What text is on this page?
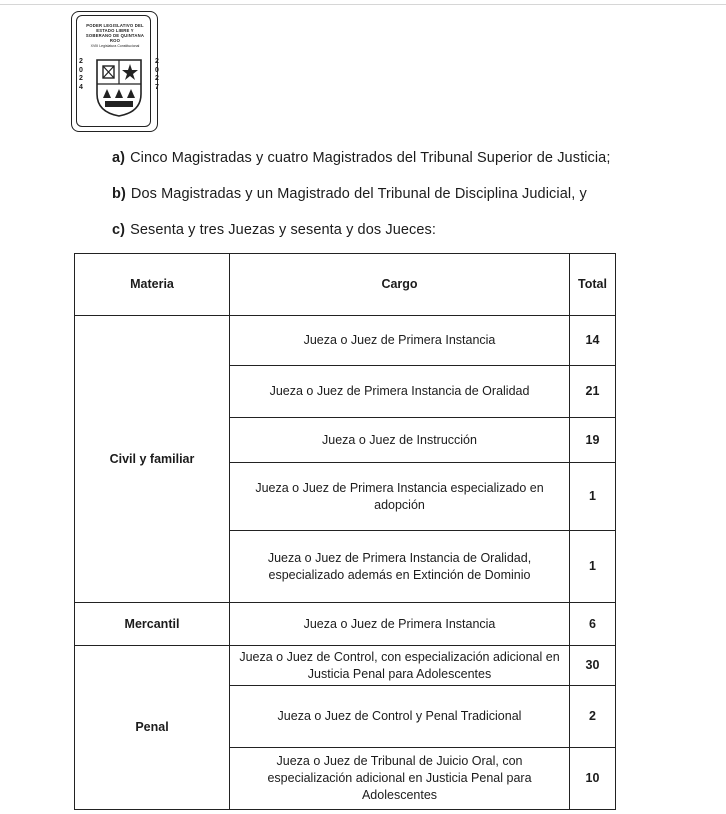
PODER LEGISLATIVO DEL ESTADO LIBRE Y SOBERANO DE QUINTANA ROO
XVIII Legislatura Constitucional
2
0
2
4
2
0
2
7
a) Cinco Magistradas y cuatro Magistrados del Tribunal Superior de Justicia;
b) Dos Magistradas y un Magistrado del Tribunal de Disciplina Judicial, y
c) Sesenta y tres Juezas y sesenta y dos Jueces:
Materia	Cargo	Total
Civil y familiar	Jueza o Juez de Primera Instancia	14
	Jueza o Juez de Primera Instancia de Oralidad	21
	Jueza o Juez de Instrucción	19
	Jueza o Juez de Primera Instancia especializado en adopción	1
	Jueza o Juez de Primera Instancia de Oralidad, especializado además en Extinción de Dominio	1
Mercantil	Jueza o Juez de Primera Instancia	6
Penal	Jueza o Juez de Control, con especialización adicional en Justicia Penal para Adolescentes	30
	Jueza o Juez de Control y Penal Tradicional	2
	Jueza o Juez de Tribunal de Juicio Oral, con especialización adicional en Justicia Penal para Adolescentes	10
